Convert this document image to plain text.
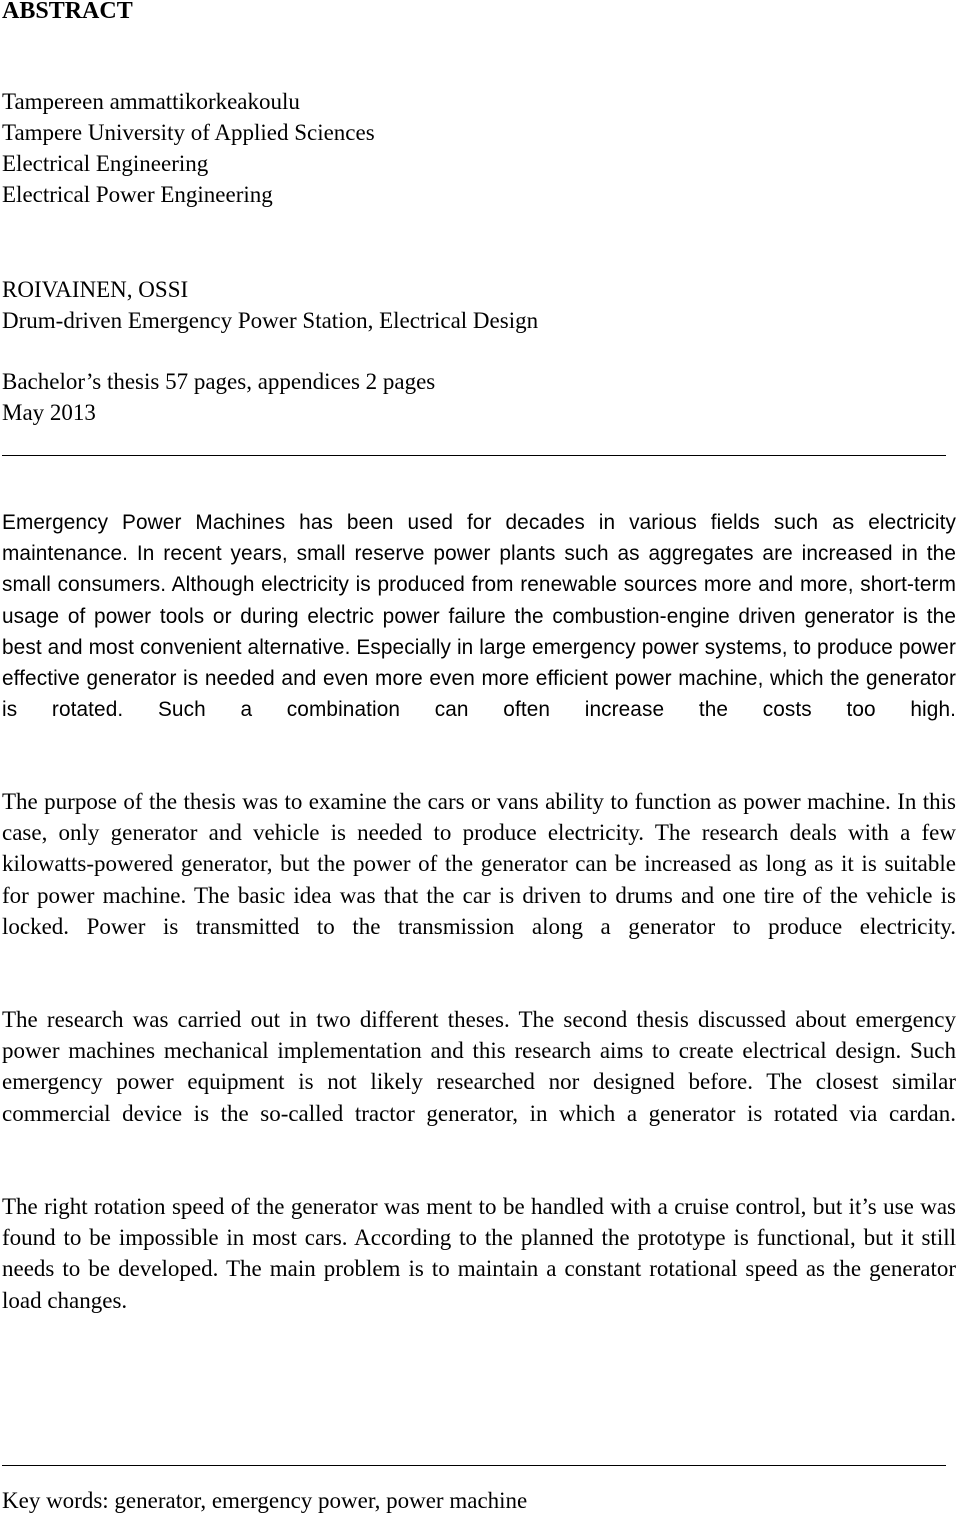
ABSTRACT
Tampereen ammattikorkeakoulu
Tampere University of Applied Sciences
Electrical Engineering
Electrical Power Engineering
ROIVAINEN, OSSI
Drum-driven Emergency Power Station, Electrical Design
Bachelor’s thesis 57 pages, appendices 2 pages
May 2013

Emergency Power Machines has been used for decades in various fields such as electricity maintenance. In recent years, small reserve power plants such as aggregates are increased in the small consumers. Although electricity is produced from renewable sources more and more, short-term usage of power tools or during electric power failure the combustion-engine driven generator is the best and most convenient alternative. Especially in large emergency power systems, to produce power effective generator is needed and even more even more efficient power machine, which the generator is rotated. Such a combination can often increase the costs too high.

The purpose of the thesis was to examine the cars or vans ability to function as power machine. In this case, only generator and vehicle is needed to produce electricity. The research deals with a few kilowatts-powered generator, but the power of the generator can be increased as long as it is suitable for power machine. The basic idea was that the car is driven to drums and one tire of the vehicle is locked. Power is transmitted to the transmission along a generator to produce electricity.

The research was carried out in two different theses. The second thesis discussed about emergency power machines mechanical implementation and this research aims to create electrical design. Such emergency power equipment is not likely researched nor designed before. The closest similar commercial device is the so-called tractor generator, in which a generator is rotated via cardan.

The right rotation speed of the generator was ment to be handled with a cruise control, but it’s use was found to be impossible in most cars. According to the planned the prototype is functional, but it still needs to be developed. The main problem is to maintain a constant rotational speed as the generator load changes.

Key words: generator, emergency power, power machine
